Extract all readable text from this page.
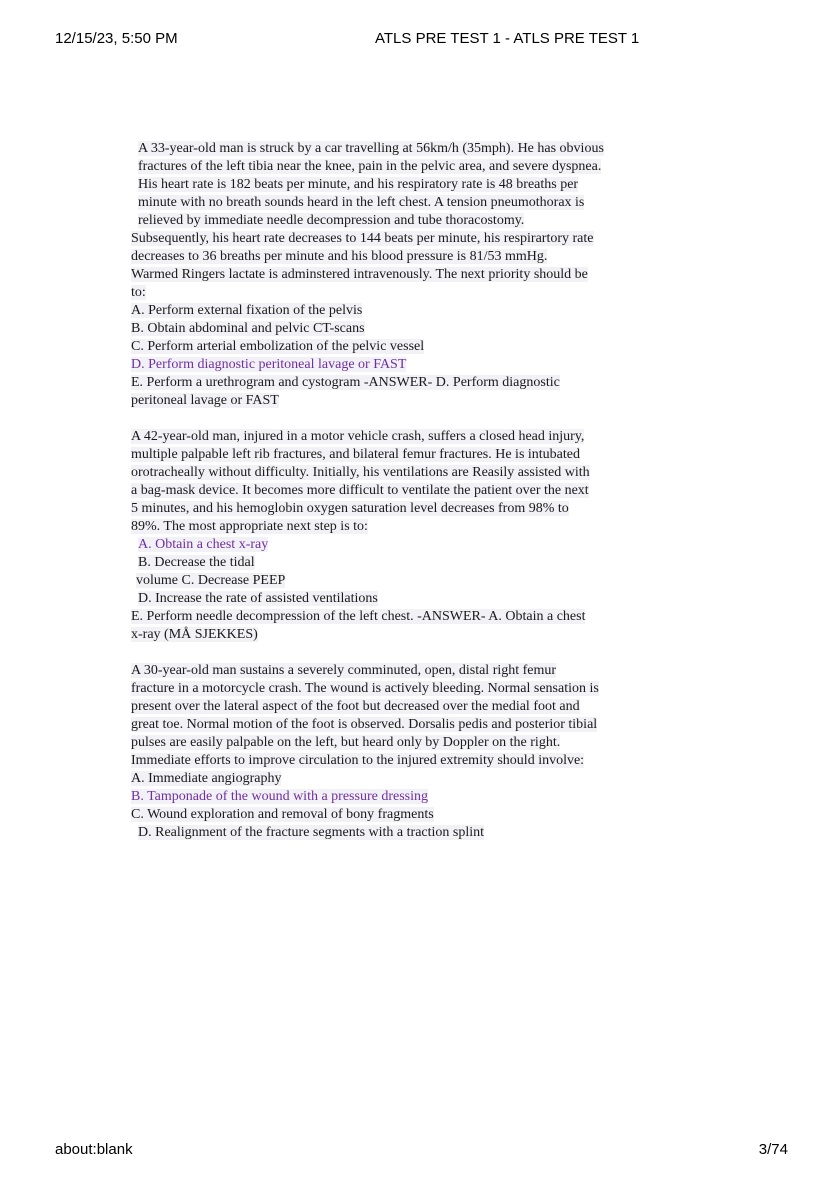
12/15/23, 5:50 PM	ATLS PRE TEST 1 - ATLS PRE TEST 1
A 33-year-old man is struck by a car travelling at 56km/h (35mph). He has obvious
fractures of the left tibia near the knee, pain in the pelvic area, and severe dyspnea.
His heart rate is 182 beats per minute, and his respiratory rate is 48 breaths per
minute with no breath sounds heard in the left chest. A tension pneumothorax is
relieved by immediate needle decompression and tube thoracostomy.
Subsequently, his heart rate decreases to 144 beats per minute, his respirartory rate
decreases to 36 breaths per minute and his blood pressure is 81/53 mmHg.
Warmed Ringers lactate is adminstered intravenously. The next priority should be
to:
A. Perform external fixation of the pelvis
B. Obtain abdominal and pelvic CT-scans
C. Perform arterial embolization of the pelvic vessel
D. Perform diagnostic peritoneal lavage or FAST
E. Perform a urethrogram and cystogram -ANSWER- D. Perform diagnostic
peritoneal lavage or FAST
A 42-year-old man, injured in a motor vehicle crash, suffers a closed head injury,
multiple palpable left rib fractures, and bilateral femur fractures. He is intubated
orotracheally without difficulty. Initially, his ventilations are Reasily assisted with
a bag-mask device. It becomes more difficult to ventilate the patient over the next
5 minutes, and his hemoglobin oxygen saturation level decreases from 98% to
89%. The most appropriate next step is to:
A. Obtain a chest x-ray
B. Decrease the tidal
volume C. Decrease PEEP
D. Increase the rate of assisted ventilations
E. Perform needle decompression of the left chest. -ANSWER- A. Obtain a chest
x-ray (MÅ SJEKKES)
A 30-year-old man sustains a severely comminuted, open, distal right femur
fracture in a motorcycle crash. The wound is actively bleeding. Normal sensation is
present over the lateral aspect of the foot but decreased over the medial foot and
great toe. Normal motion of the foot is observed. Dorsalis pedis and posterior tibial
pulses are easily palpable on the left, but heard only by Doppler on the right.
Immediate efforts to improve circulation to the injured extremity should involve:
A. Immediate angiography
B. Tamponade of the wound with a pressure dressing
C. Wound exploration and removal of bony fragments
D. Realignment of the fracture segments with a traction splint
about:blank	3/74
